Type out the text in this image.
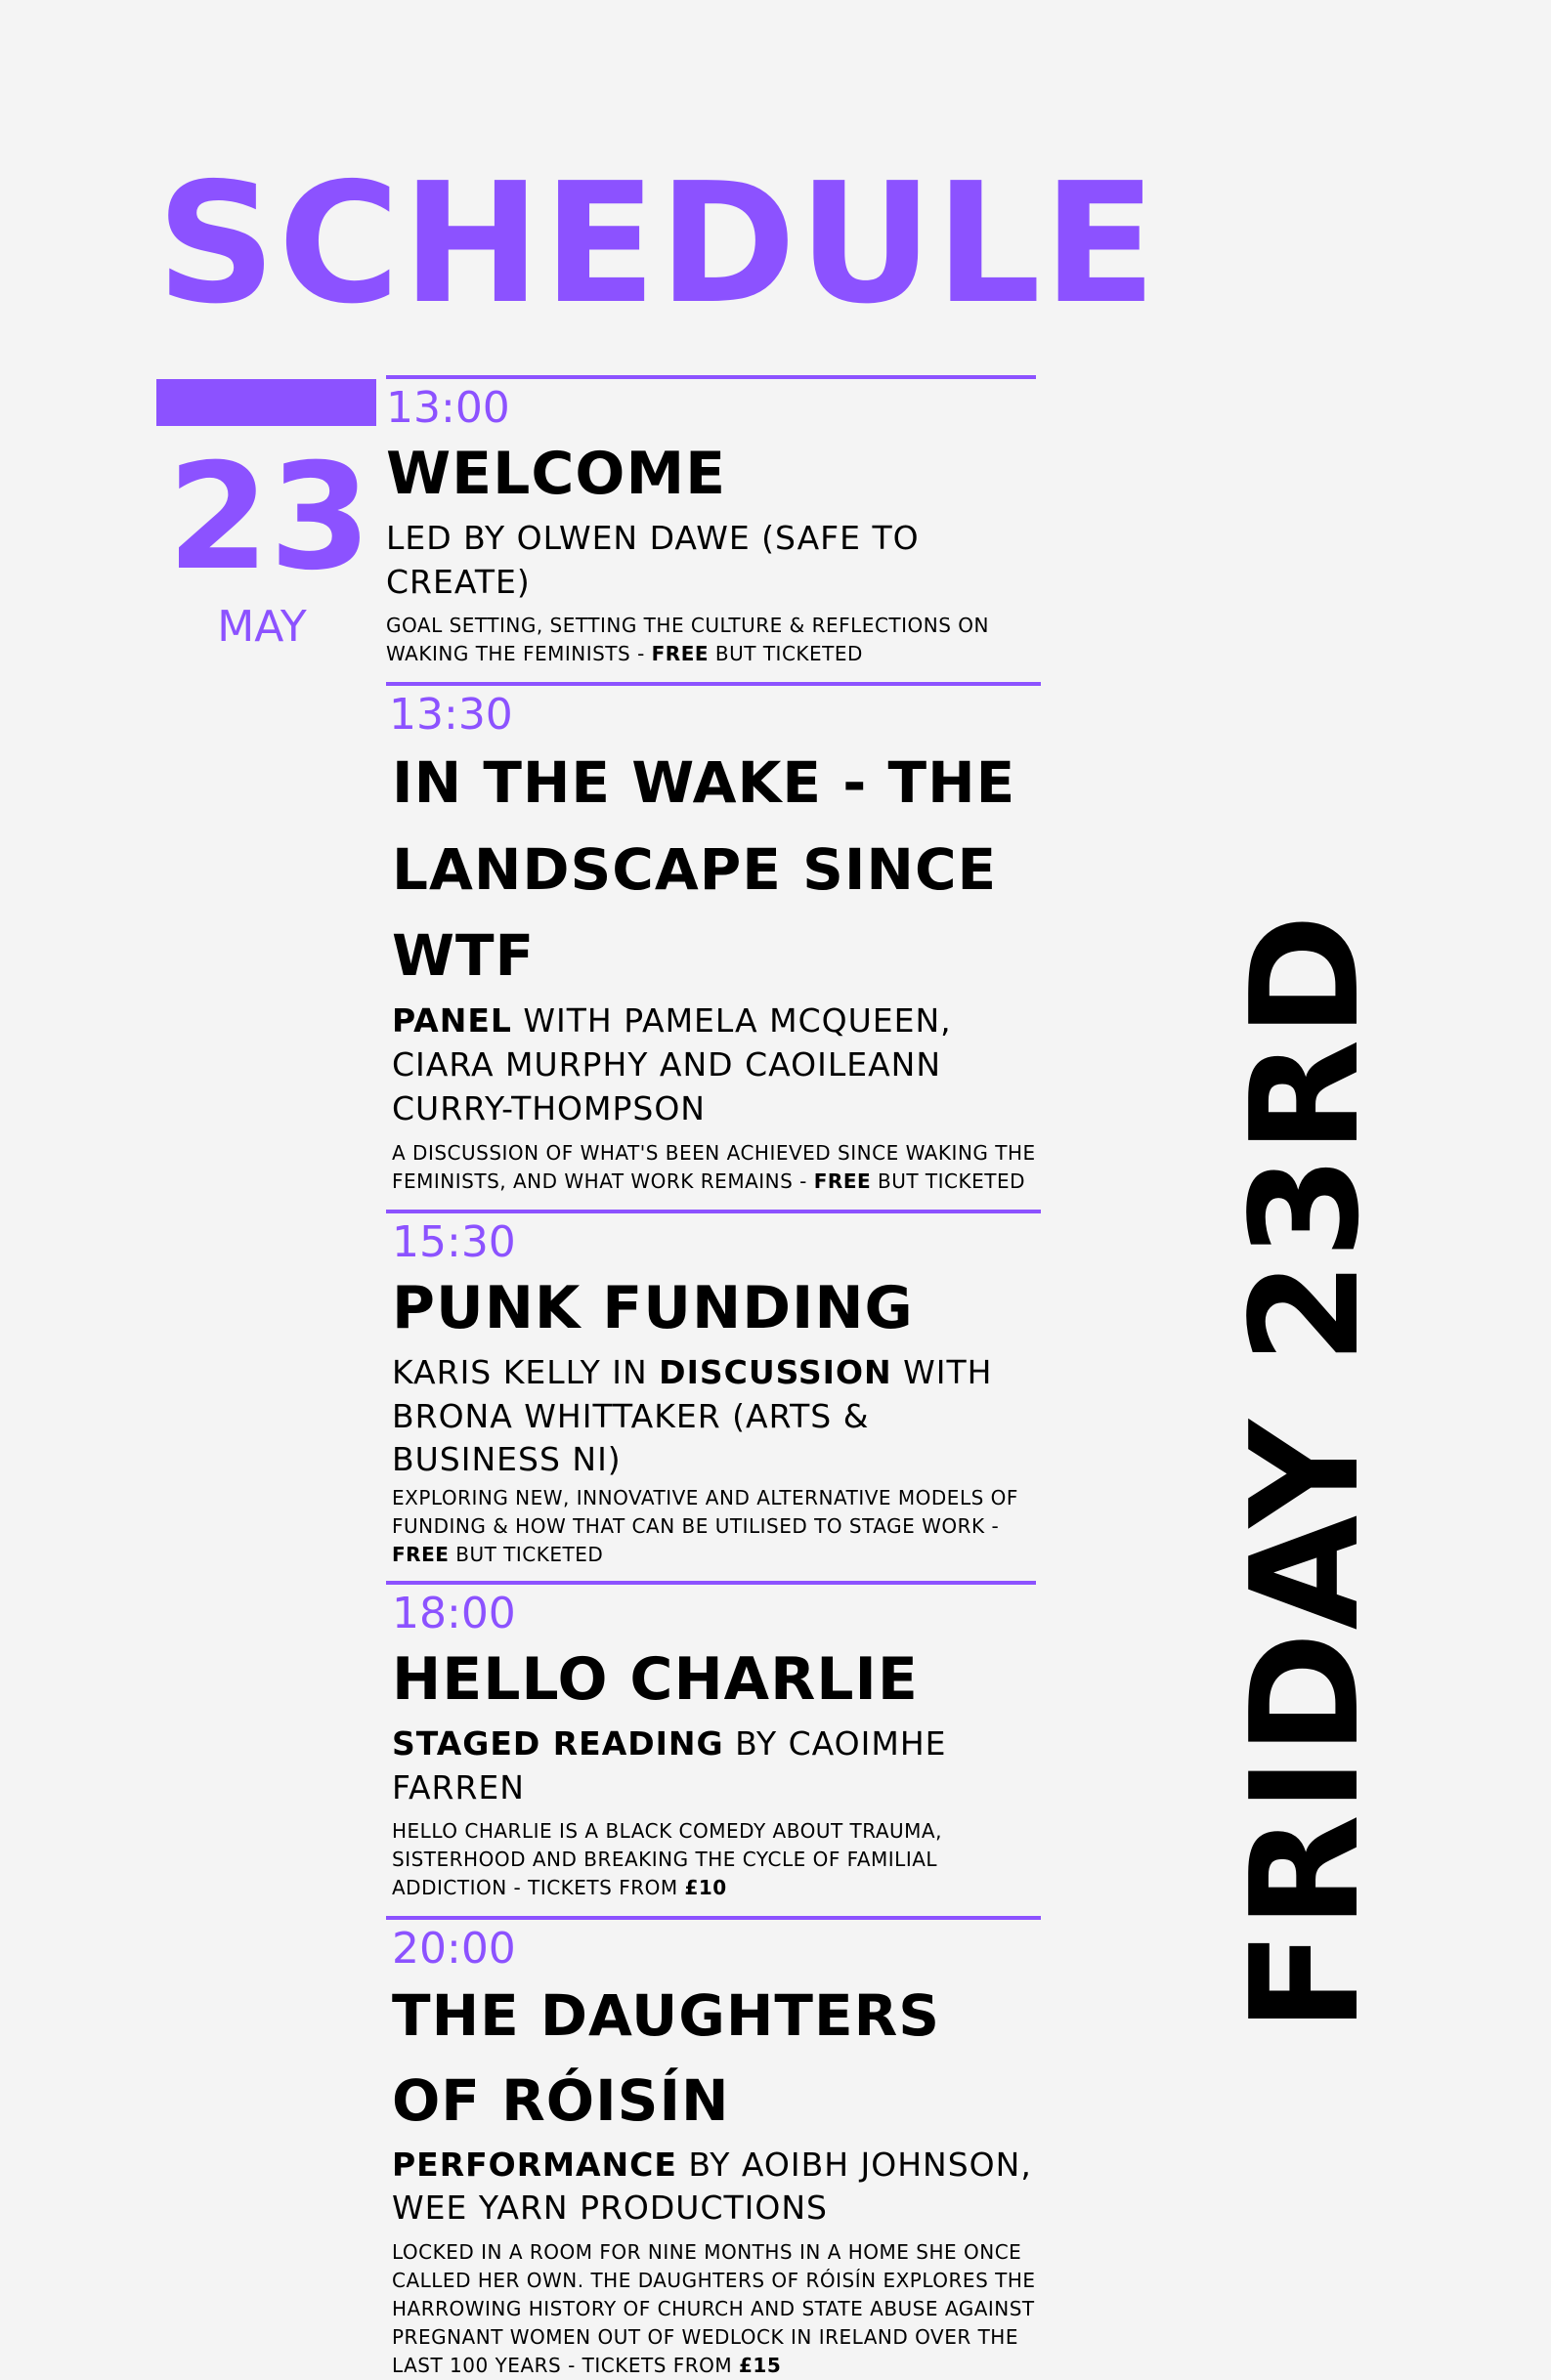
SCHEDULE
23
MAY
13:00
WELCOME
LED BY OLWEN DAWE (SAFE TO CREATE)
GOAL SETTING, SETTING THE CULTURE & REFLECTIONS ON WAKING THE FEMINISTS - FREE BUT TICKETED
13:30
IN THE WAKE - THE LANDSCAPE SINCE WTF
PANEL WITH PAMELA MCQUEEN, CIARA MURPHY AND CAOILEANN CURRY-THOMPSON
A DISCUSSION OF WHAT'S BEEN ACHIEVED SINCE WAKING THE FEMINISTS, AND WHAT WORK REMAINS - FREE BUT TICKETED
15:30
PUNK FUNDING
KARIS KELLY IN DISCUSSION WITH BRONA WHITTAKER (ARTS & BUSINESS NI)
EXPLORING NEW, INNOVATIVE AND ALTERNATIVE MODELS OF FUNDING & HOW THAT CAN BE UTILISED TO STAGE WORK - FREE BUT TICKETED
18:00
HELLO CHARLIE
STAGED READING BY CAOIMHE FARREN
HELLO CHARLIE IS A BLACK COMEDY ABOUT TRAUMA, SISTERHOOD AND BREAKING THE CYCLE OF FAMILIAL ADDICTION - TICKETS FROM £10
20:00
THE DAUGHTERS OF RÓISÍN
PERFORMANCE BY AOIBH JOHNSON, WEE YARN PRODUCTIONS
LOCKED IN A ROOM FOR NINE MONTHS IN A HOME SHE ONCE CALLED HER OWN. THE DAUGHTERS OF RÓISÍN EXPLORES THE HARROWING HISTORY OF CHURCH AND STATE ABUSE AGAINST PREGNANT WOMEN OUT OF WEDLOCK IN IRELAND OVER THE LAST 100 YEARS - TICKETS FROM £15
FRIDAY 23RD
